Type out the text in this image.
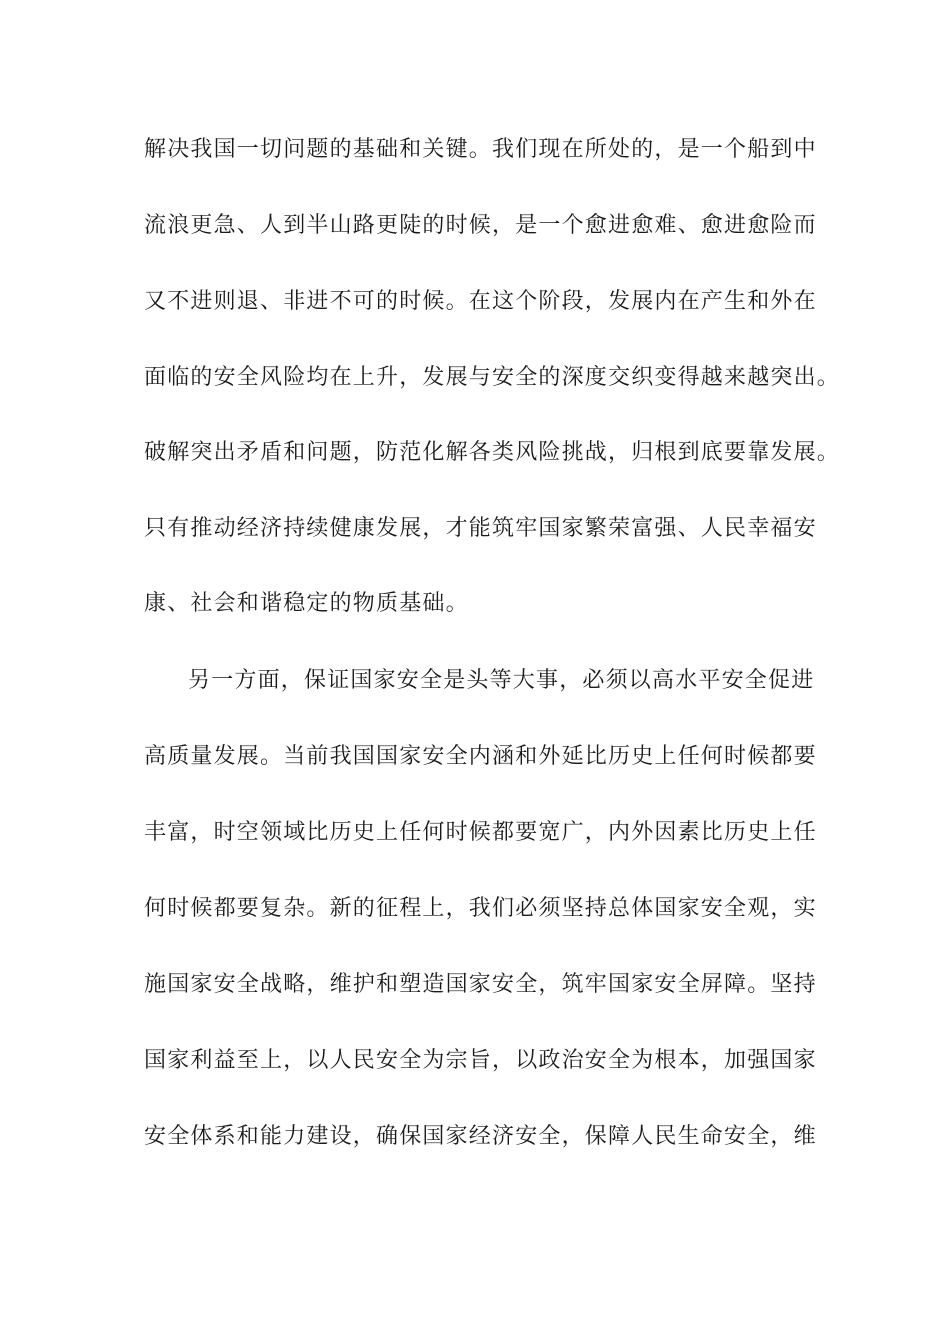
解决我国一切问题的基础和关键。我们现在所处的，是一个船到中
流浪更急、人到半山路更陡的时候，是一个愈进愈难、愈进愈险而
又不进则退、非进不可的时候。在这个阶段，发展内在产生和外在
面临的安全风险均在上升，发展与安全的深度交织变得越来越突出。
破解突出矛盾和问题，防范化解各类风险挑战，归根到底要靠发展。
只有推动经济持续健康发展，才能筑牢国家繁荣富强、人民幸福安
康、社会和谐稳定的物质基础。
另一方面，保证国家安全是头等大事，必须以高水平安全促进
高质量发展。当前我国国家安全内涵和外延比历史上任何时候都要
丰富，时空领域比历史上任何时候都要宽广，内外因素比历史上任
何时候都要复杂。新的征程上，我们必须坚持总体国家安全观，实
施国家安全战略，维护和塑造国家安全，筑牢国家安全屏障。坚持
国家利益至上，以人民安全为宗旨，以政治安全为根本，加强国家
安全体系和能力建设，确保国家经济安全，保障人民生命安全，维
